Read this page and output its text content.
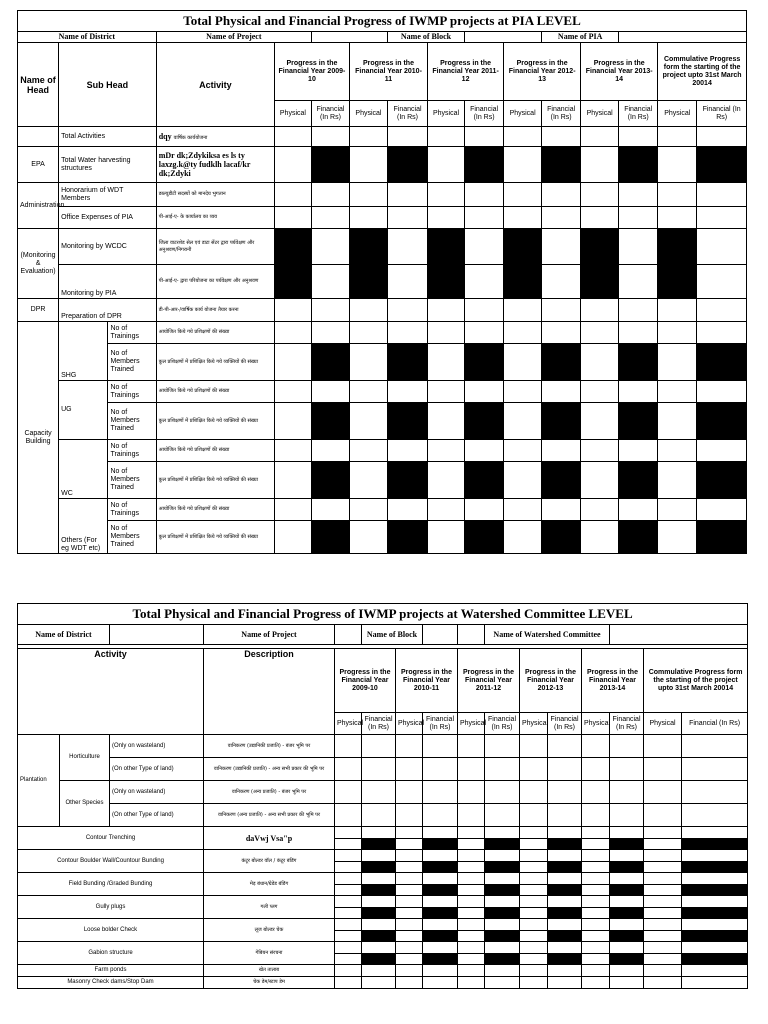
Total Physical and Financial Progress of IWMP projects at PIA LEVEL															
Name of District			Name of Project				Name of Block				Name of PIA				
Name of Head	Sub Head		Activity	Progress in the Financial Year 2009-10		Progress in the Financial Year 2010-11		Progress in the Financial Year 2011-12		Progress in the Financial Year 2012-13		Progress in the Financial Year 2013-14		Commulative Progress form the starting of the project upto 31st March 20014	
				Physical	Financial (In Rs)	Physical	Financial (In Rs)	Physical	Financial (In Rs)	Physical	Financial (In Rs)	Physical	Financial (In Rs)	Physical	Financial (In Rs)
	Total Activities		dqy वार्षिक कार्ययोजना												
EPA	Total Water harvesting structures		mDr dk;Zdykiksa es ls ty laxzg.k@ty fudklh lacaf/kr dk;Zdyki												
Administration	Honorarium of WDT Members		डब्ल्यूडीटी सदस्यों को मानदेय भुगतान												
	Office Expenses of PIA		पी-आई-ए- के कार्यालय का व्यय												
(Monitoring & Evaluation)	Monitoring by WCDC		जिला वाटरशेड सेल एवं डाटा सेंटर द्वारा पर्यवेक्षण और अनुश्रवण/निगरानी												
	Monitoring by PIA		पी-आई-ए- द्वारा परियोजना का पर्यवेक्षण और अनुश्रवण												
DPR	Preparation of DPR		डी-पी-आर-/वार्षिक कार्य योजना तैयार करना												
Capacity Building	SHG	No of Trainings	आयोजित किये गये प्रशिक्षणों की संख्या												
		No of Members Trained	कुल प्रशिक्षणों में प्रशिक्षित किये गये व्यक्तियों की संख्या												
	UG	No of Trainings	आयोजित किये गये प्रशिक्षणों की संख्या												
		No of Members Trained	कुल प्रशिक्षणों में प्रशिक्षित किये गये व्यक्तियों की संख्या												
	WC	No of Trainings	आयोजित किये गये प्रशिक्षणों की संख्या												
		No of Members Trained	कुल प्रशिक्षणों में प्रशिक्षित किये गये व्यक्तियों की संख्या												
	Others (For eg WDT etc)	No of Trainings	आयोजित किये गये प्रशिक्षणों की संख्या												
		No of Members Trained	कुल प्रशिक्षणों में प्रशिक्षित किये गये व्यक्तियों की संख्या												
Total Physical and Financial Progress of IWMP projects at Watershed Committee LEVEL															
Name of District			Name of Project		Name of Block				Name of Watershed Committee						

Activity			Description	Progress in the Financial Year 2009-10		Progress in the Financial Year 2010-11		Progress in the Financial Year 2011-12		Progress in the Financial Year 2012-13		Progress in the Financial Year 2013-14		Commulative Progress form the starting of the project upto 31st March 20014	
				Physical	Financial (In Rs)	Physical	Financial (In Rs)	Physical	Financial (In Rs)	Physical	Financial (In Rs)	Physical	Financial (In Rs)	Physical	Financial (In Rs)
Plantation	Horticulture	(Only on wasteland)	वानिकरण (उद्यानिकी प्रजाति) - बंजर भूमि पर												
		(On other Type of land)	वानिकरण (उद्यानिकी प्रजाति) - अन्य सभी प्रकार की भूमि पर												
	Other Species	(Only on wasteland)	वानिकरण (अन्य प्रजाति) - बंजर भूमि पर												
		(On other Type of land)	वानिकरण (अन्य प्रजाति) - अन्य सभी प्रकार की भूमि पर												
Contour Trenching			daVwj Vsa"p												

Contour Boulder Wall/Countour Bunding			कंटूर बोल्डर वॉल / कंटूर बंडिंग												

Field Bunding /Graded Bunding			मेड़ बंधान/ग्रेडेड बंडिंग												

Gully plugs			गली प्लग												

Loose bolder Check			लूज बोल्डर चेक												

Gabion structure			गेबियन संरचना												

Farm ponds			खेत तालाब												
Masonry Check dams/Stop Dam			चेक डेम/स्टाप डेम												
